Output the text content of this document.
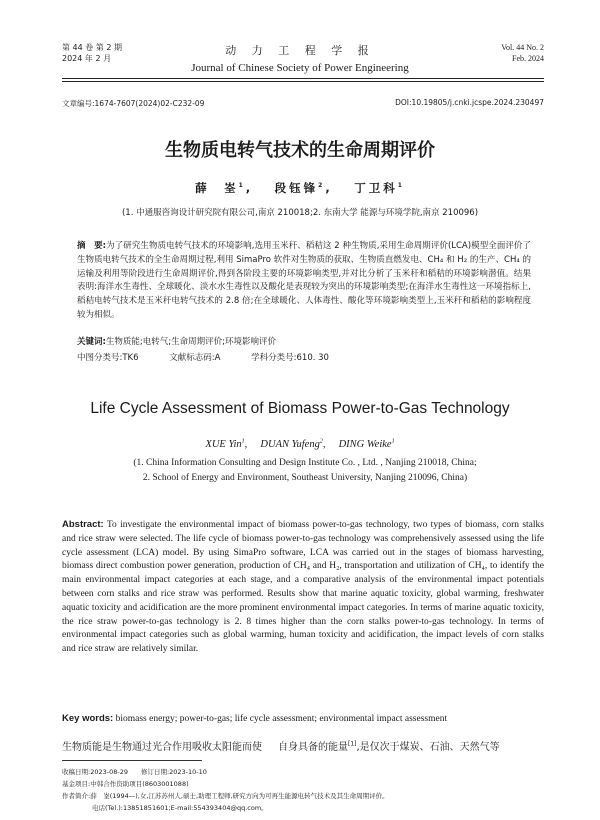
第 44 卷 第 2 期
2024 年 2 月
动 力 工 程 学 报
Journal of Chinese Society of Power Engineering
Vol. 44 No. 2
Feb. 2024
文章编号:1674-7607(2024)02-C232-09	DOI:10.19805/j.cnki.jcspe.2024.230497
生物质电转气技术的生命周期评价
薛　峑$^1$,　 段钰锋$^2$,　 丁卫科$^1$
(1. 中通服咨询设计研究院有限公司,南京 210018;2. 东南大学 能源与环境学院,南京 210096)
摘　要:为了研究生物质电转气技术的环境影响,选用玉米秆、稻秸这 2 种生物质,采用生命周期评价(LCA)模型全面评价了生物质电转气技术的全生命周期过程,利用 SimaPro 软件对生物质的获取、生物质直燃发电、CH₄ 和 H₂ 的生产、CH₄ 的运输及利用等阶段进行生命周期评价,得到各阶段主要的环境影响类型,并对比分析了玉米秆和稻秸的环境影响潜值。结果表明:海洋水生毒性、全球暖化、淡水水生毒性以及酸化是表现较为突出的环境影响类型;在海洋水生毒性这一环境指标上,稻秸电转气技术是玉米秆电转气技术的 2.8 倍;在全球暖化、人体毒性、酸化等环境影响类型上,玉米秆和稻秸的影响程度较为相似。
关键词:生物质能;电转气;生命周期评价;环境影响评价
中图分类号:TK6	文献标志码:A	学科分类号:610. 30
Life Cycle Assessment of Biomass Power-to-Gas Technology
XUE Yin$^1$,　 DUAN Yufeng$^2$,　 DING Weike$^1$
(1. China Information Consulting and Design Institute Co. , Ltd. , Nanjing 210018, China;
2. School of Energy and Environment, Southeast University, Nanjing 210096, China)
Abstract: To investigate the environmental impact of biomass power-to-gas technology, two types of biomass, corn stalks and rice straw were selected. The life cycle of biomass power-to-gas technology was comprehensively assessed using the life cycle assessment (LCA) model. By using SimaPro software, LCA was carried out in the stages of biomass harvesting, biomass direct combustion power generation, production of CH₄ and H₂, transportation and utilization of CH₄, to identify the main environmental impact categories at each stage, and a comparative analysis of the environmental impact potentials between corn stalks and rice straw was performed. Results show that marine aquatic toxicity, global warming, freshwater aquatic toxicity and acidification are the more prominent environmental impact categories. In terms of marine aquatic toxicity, the rice straw power-to-gas technology is 2. 8 times higher than the corn stalks power-to-gas technology. In terms of environmental impact categories such as global warming, human toxicity and acidification, the impact levels of corn stalks and rice straw are relatively similar.
Key words: biomass energy; power-to-gas; life cycle assessment; environmental impact assessment
生物质能是生物通过光合作用吸收太阳能而使 自身具备的能量[1],是仅次于煤炭、石油、天然气等
收稿日期:2023-08-29　　修订日期:2023-10-10
基金项目:中韩合作资助项目(8603001088)
作者简介:薛　峑(1994—),女,江苏苏州人,硕士,助理工程师,研究方向为可再生能源电转气技术及其生命周期评价。
电话(Tel.):13851851601;E-mail:554393404@qq.com。
